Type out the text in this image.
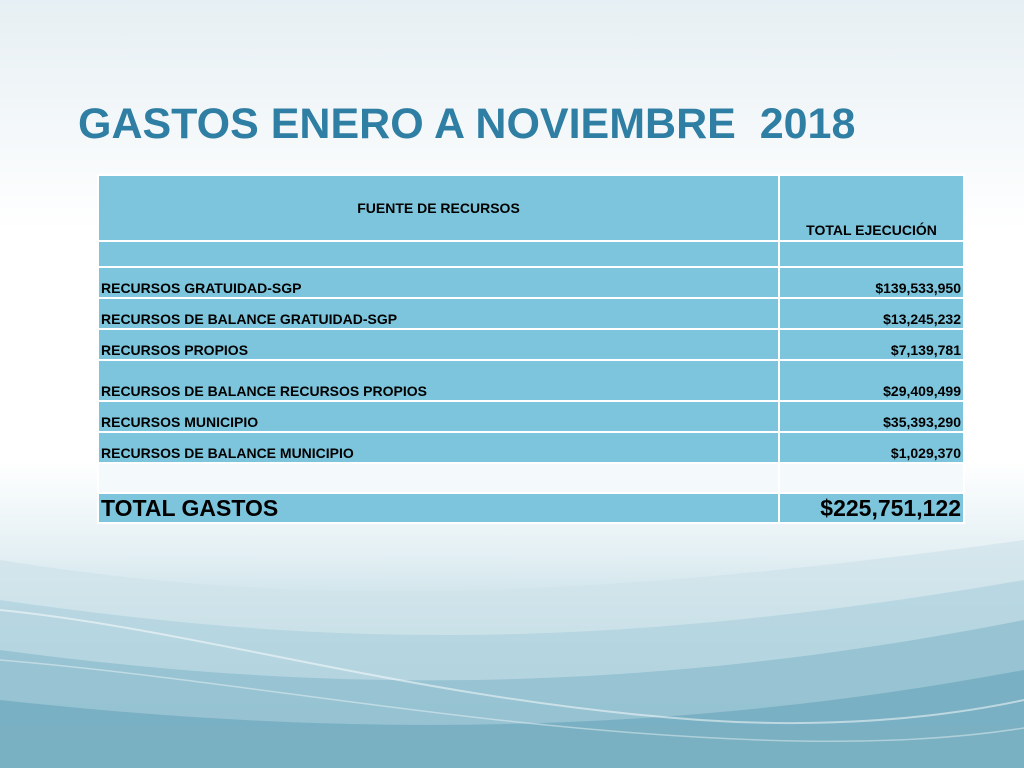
GASTOS ENERO A NOVIEMBRE  2018
FUENTE DE RECURSOS	TOTAL EJECUCIÓN

RECURSOS GRATUIDAD-SGP	$139,533,950
RECURSOS DE BALANCE GRATUIDAD-SGP	$13,245,232
RECURSOS PROPIOS	$7,139,781
RECURSOS DE BALANCE RECURSOS PROPIOS	$29,409,499
RECURSOS MUNICIPIO	$35,393,290
RECURSOS DE BALANCE MUNICIPIO	$1,029,370

TOTAL GASTOS	$225,751,122
